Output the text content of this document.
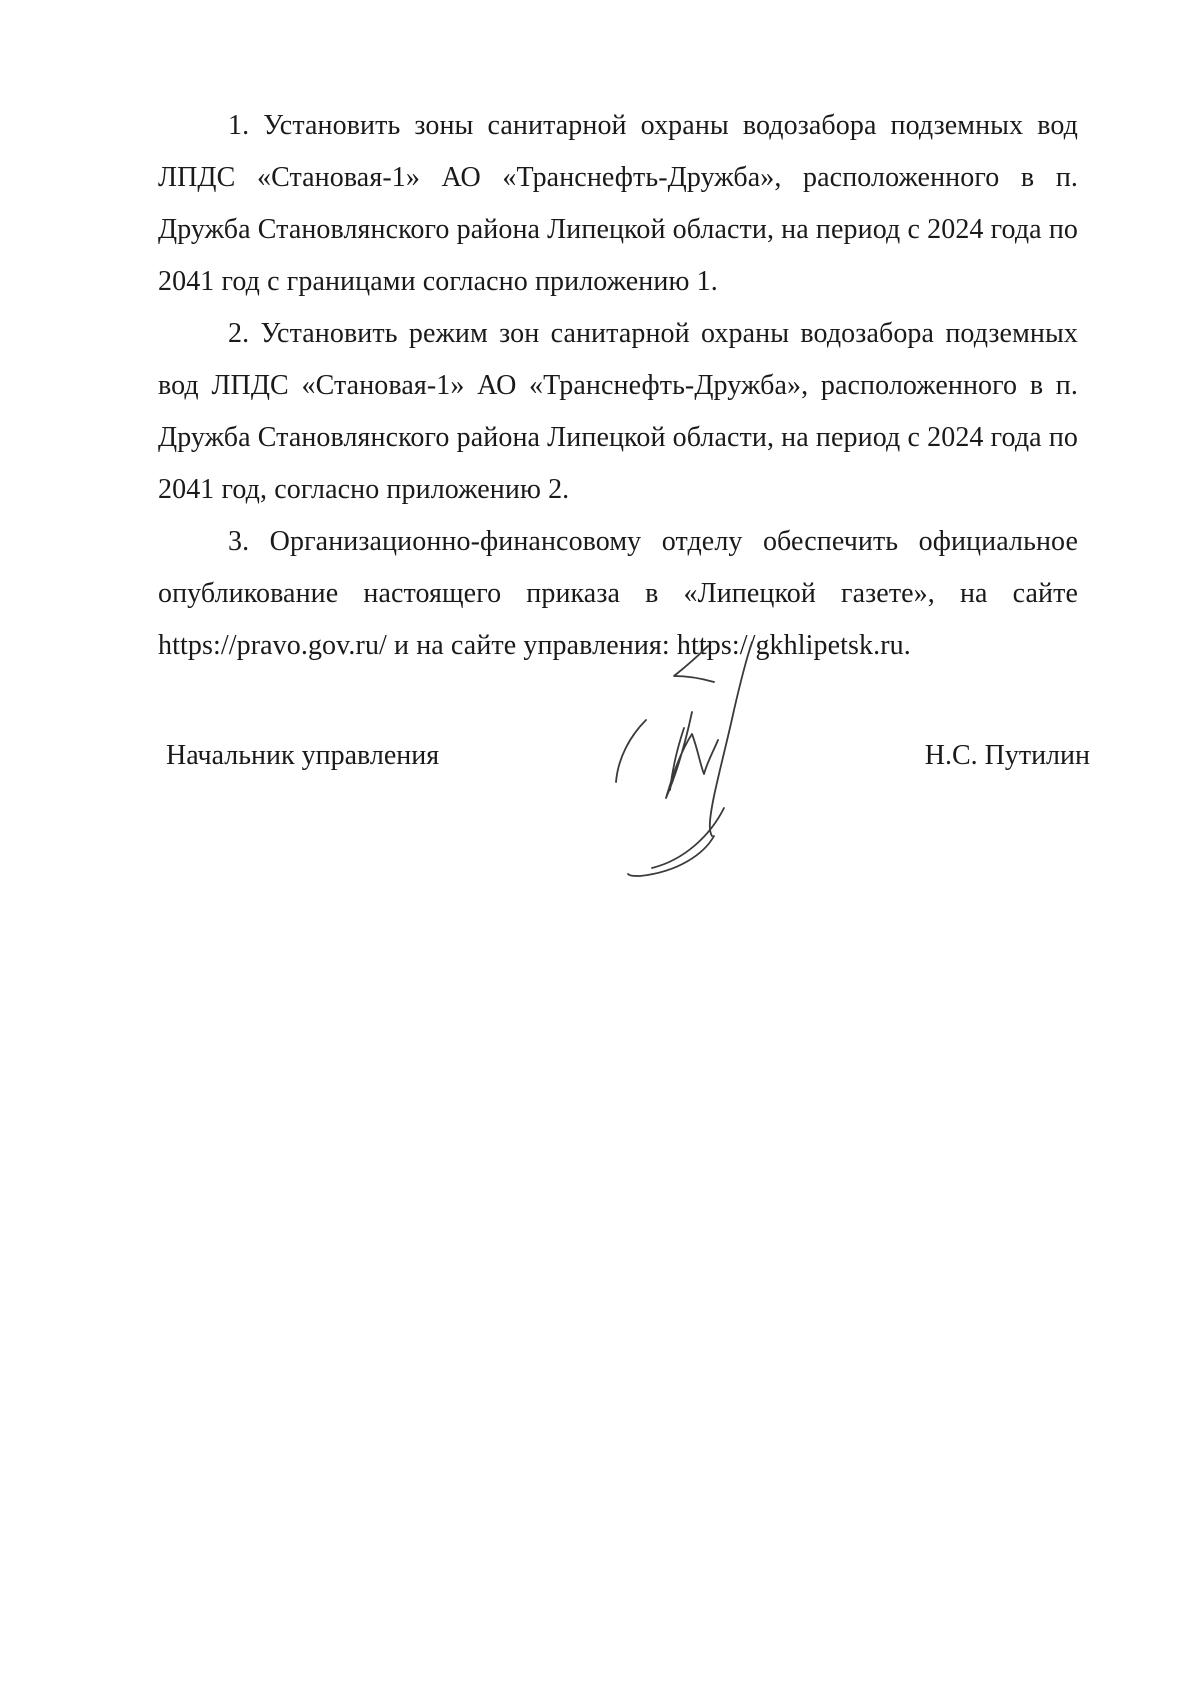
1. Установить зоны санитарной охраны водозабора подземных вод ЛПДС «Становая-1» АО «Транснефть-Дружба», расположенного в п. Дружба Становлянского района Липецкой области, на период с 2024 года по 2041 год с границами согласно приложению 1.

2. Установить режим зон санитарной охраны водозабора подземных вод ЛПДС «Становая-1» АО «Транснефть-Дружба», расположенного в п. Дружба Становлянского района Липецкой области, на период с 2024 года по 2041 год, согласно приложению 2.

3. Организационно-финансовому отделу обеспечить официальное опубликование настоящего приказа в «Липецкой газете», на сайте https://pravo.gov.ru/ и на сайте управления: https://gkhlipetsk.ru.

Начальник управления	Н.С. Путилин
